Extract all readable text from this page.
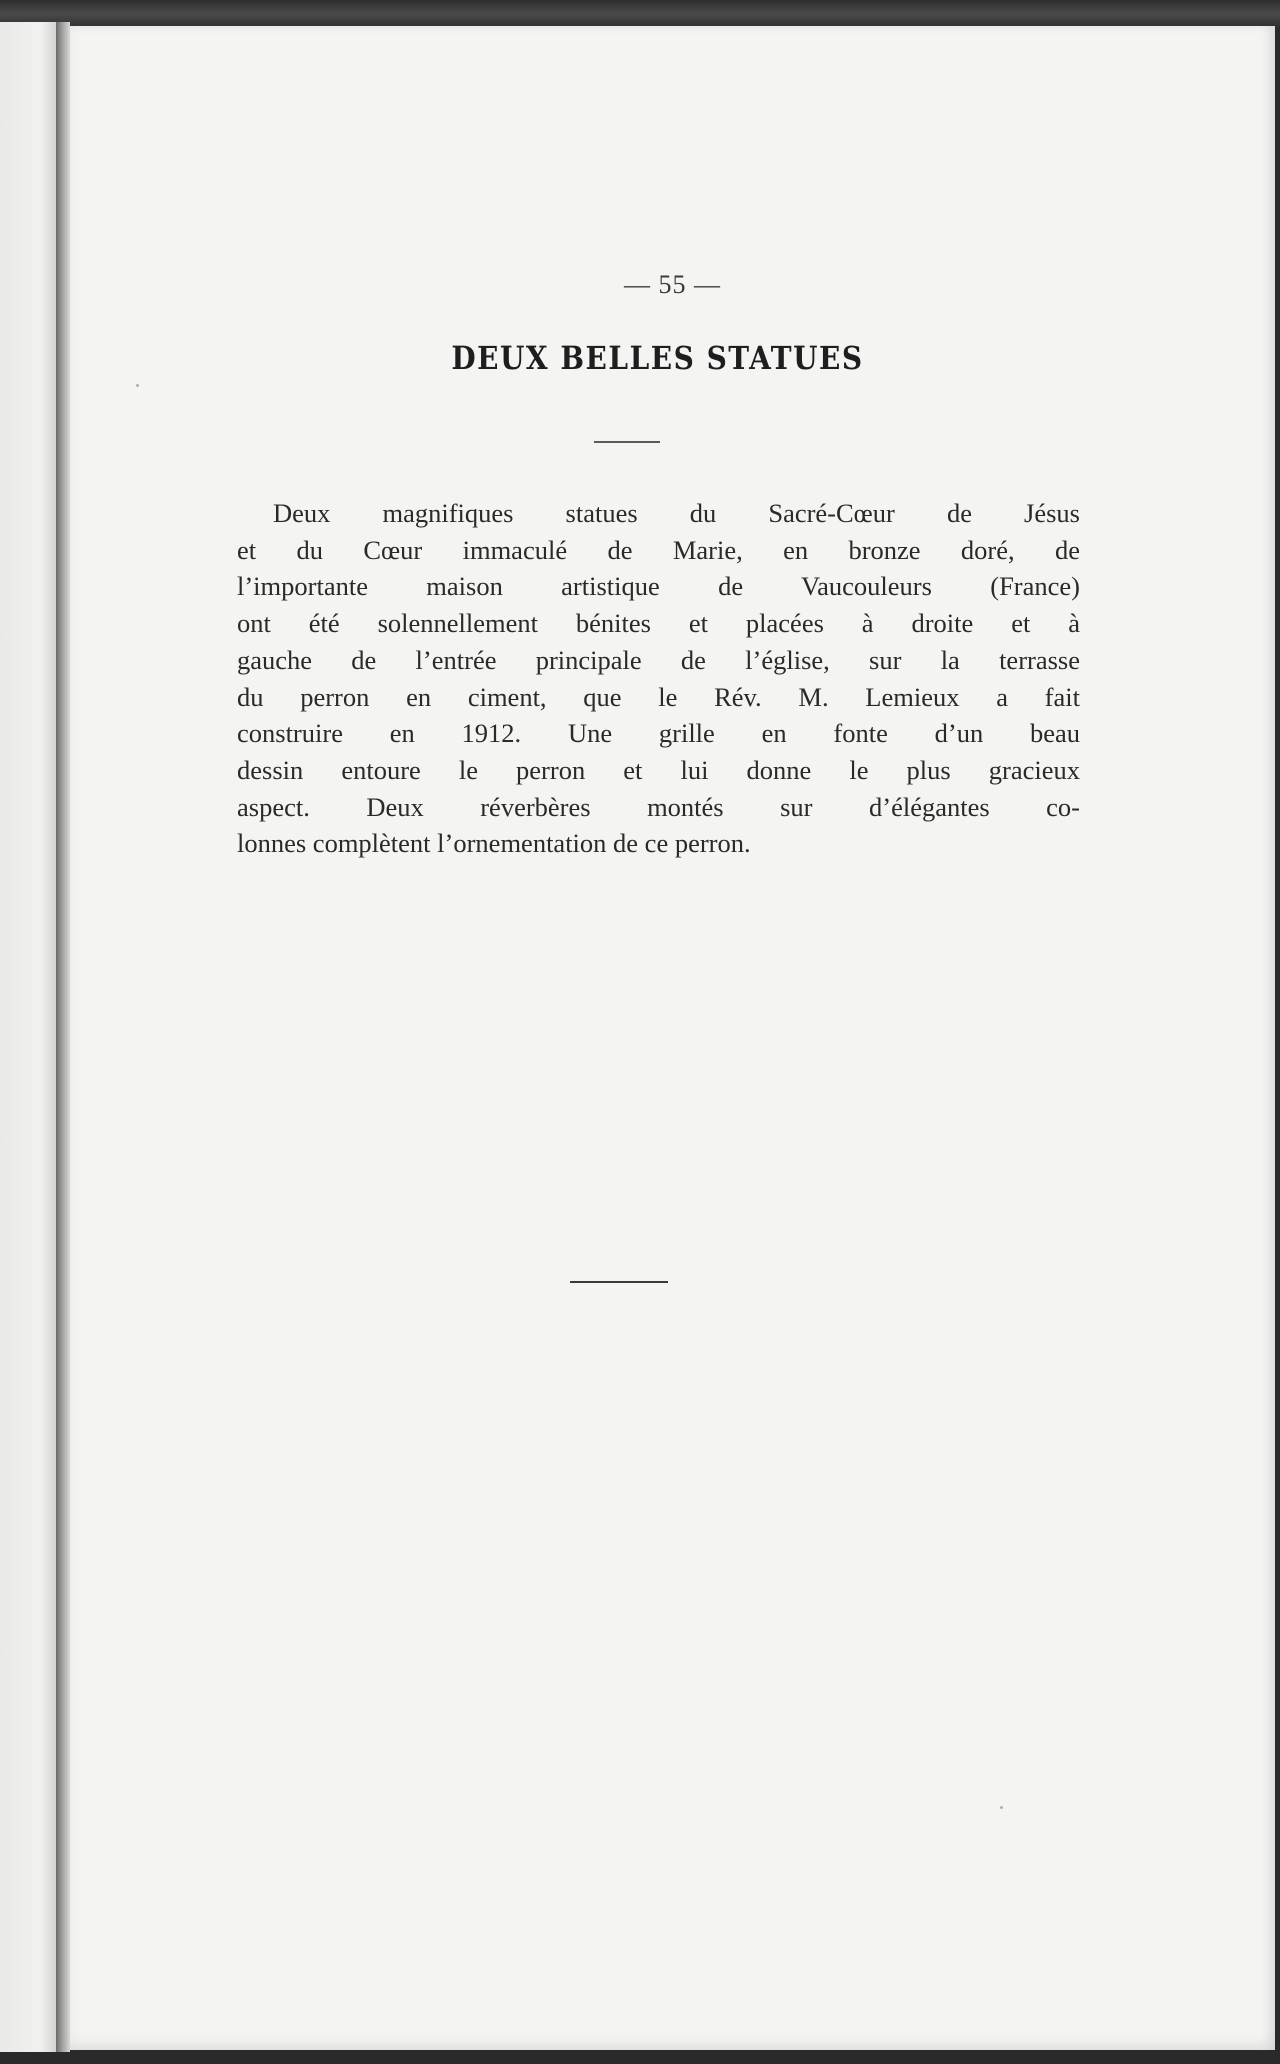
— 55 —
DEUX BELLES STATUES
Deux magnifiques statues du Sacré-Cœur de Jésus
et du Cœur immaculé de Marie, en bronze doré, de
l’importante maison artistique de Vaucouleurs (France)
ont été solennellement bénites et placées à droite et à
gauche de l’entrée principale de l’église, sur la terrasse
du perron en ciment, que le Rév. M. Lemieux a fait
construire en 1912. Une grille en fonte d’un beau
dessin entoure le perron et lui donne le plus gracieux
aspect. Deux réverbères montés sur d’élégantes co-
lonnes complètent l’ornementation de ce perron.
